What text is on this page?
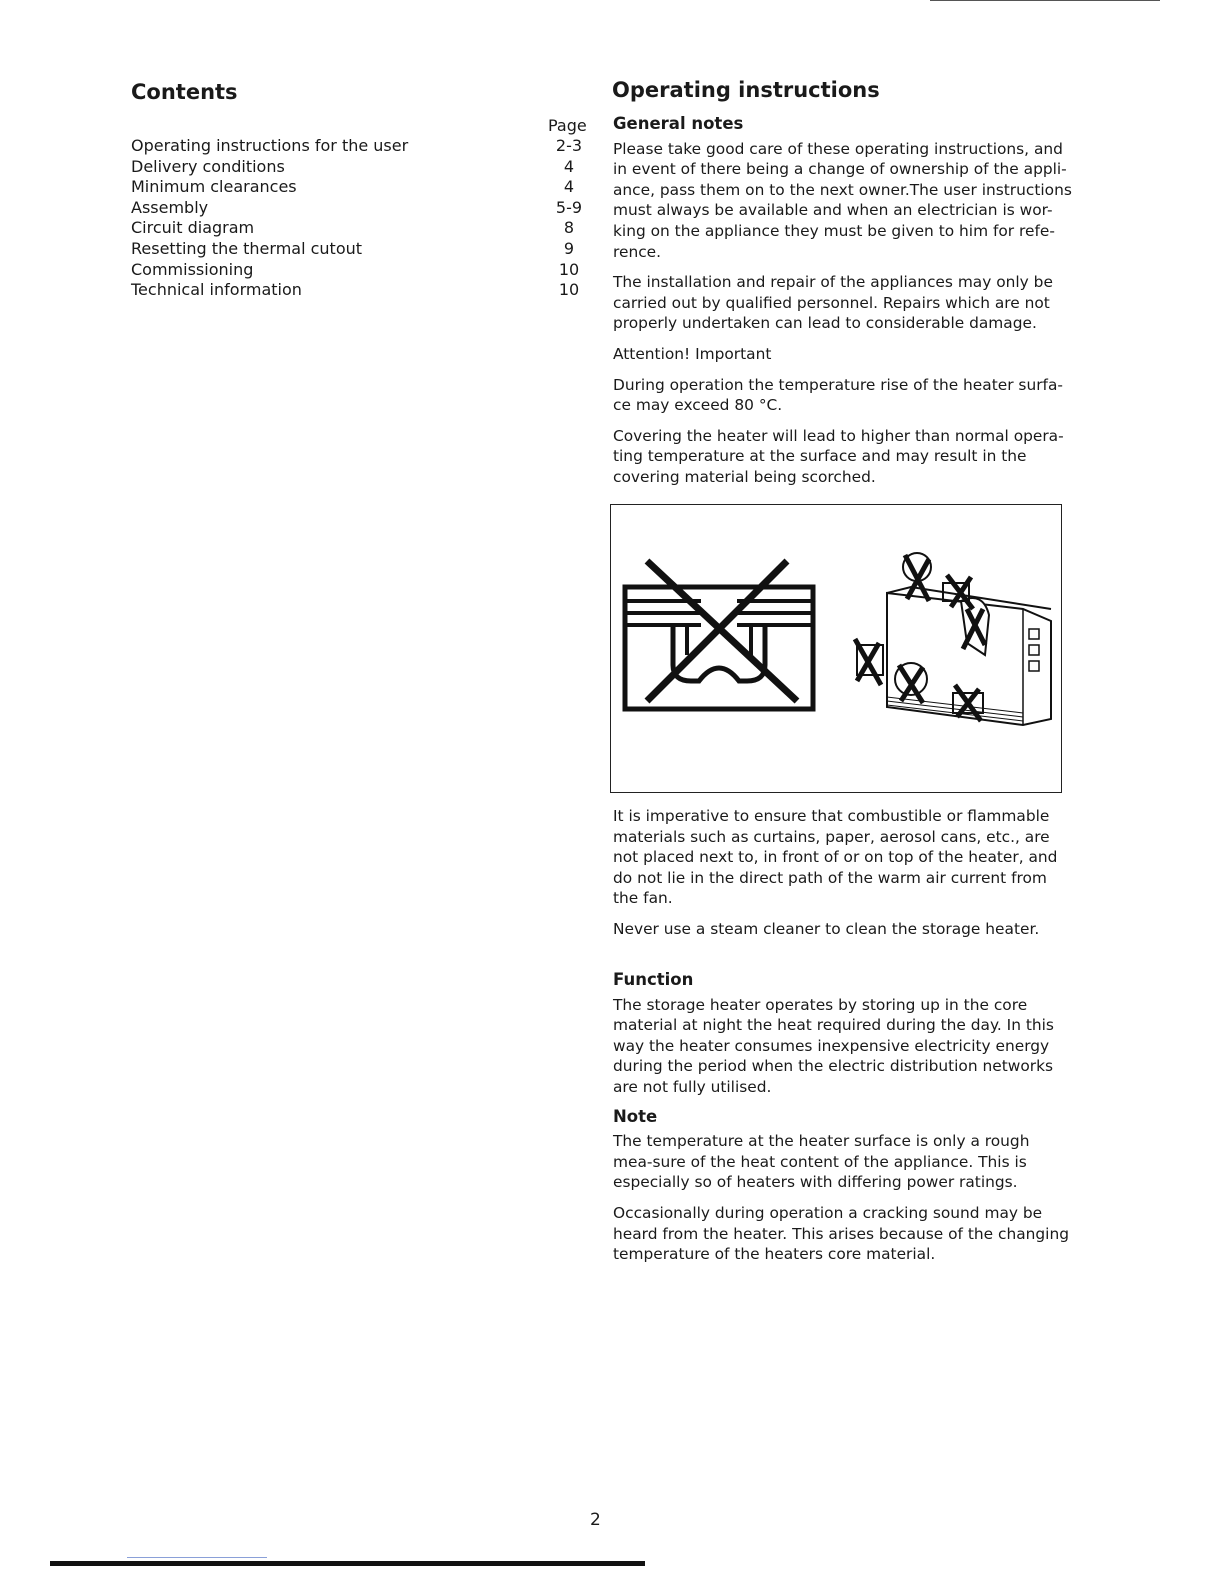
Contents	Operating instructions
Page
Operating instructions for the user	2-3
Delivery conditions	4
Minimum clearances	4
Assembly	5-9
Circuit diagram	8
Resetting the thermal cutout	9
Commissioning	10
Technical information	10
General notes

Please take good care of these operating instructions, and in event of there being a change of ownership of the appli-ance, pass them on to the next owner.The user instructions must always be available and when an electrician is wor-king on the appliance they must be given to him for refe-rence.

The installation and repair of the appliances may only be carried out by qualified personnel. Repairs which are not properly undertaken can lead to considerable damage.

Attention! Important

During operation the temperature rise of the heater surfa-ce may exceed 80 °C.

Covering the heater will lead to higher than normal opera-ting temperature at the surface and may result in the covering material being scorched.

It is imperative to ensure that combustible or flammable materials such as curtains, paper, aerosol cans, etc., are not placed next to, in front of or on top of the heater, and do not lie in the direct path of the warm air current from the fan.

Never use a steam cleaner to clean the storage heater.

Function

The storage heater operates by storing up in the core material at night the heat required during the day. In this way the heater consumes inexpensive electricity energy during the period when the electric distribution networks are not fully utilised.

Note

The temperature at the heater surface is only a rough mea-sure of the heat content of the appliance. This is especially so of heaters with differing power ratings.

Occasionally during operation a cracking sound may be heard from the heater. This arises because of the changing temperature of the heaters core material.

2
